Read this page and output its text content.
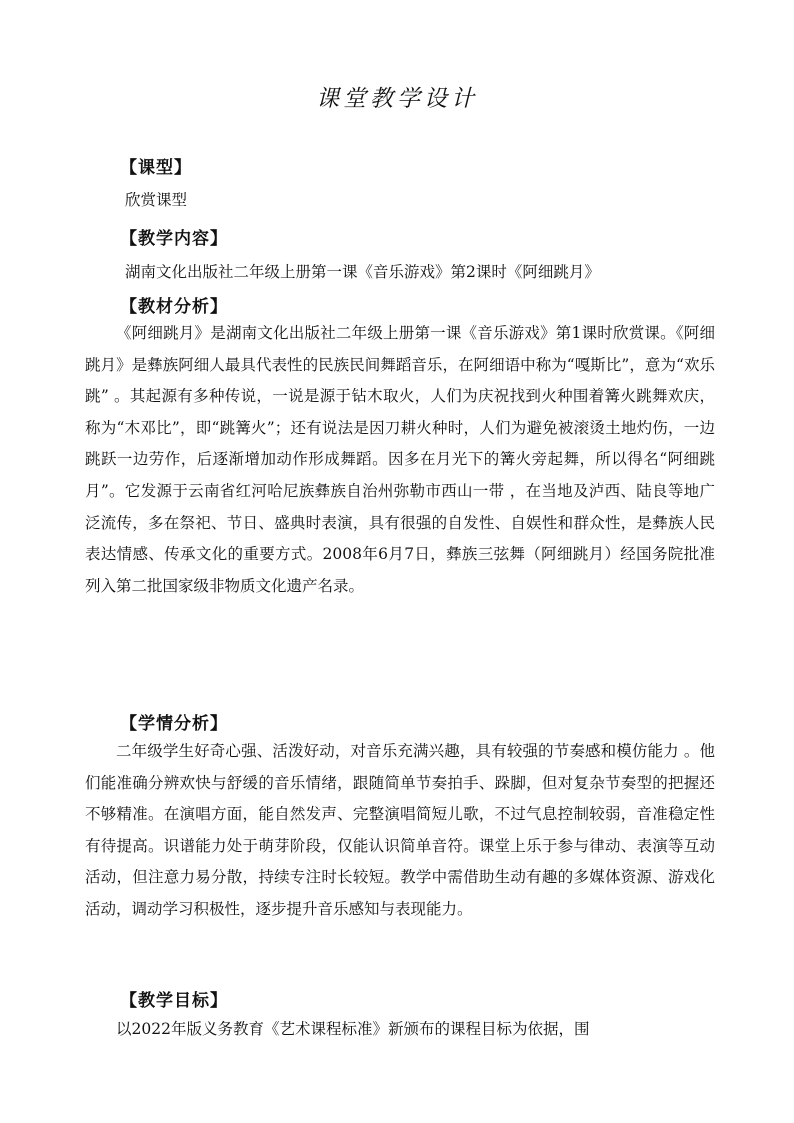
课堂教学设计
【课型】
欣赏课型
【教学内容】
湖南文化出版社二年级上册第一课《音乐游戏》第2课时《阿细跳月》
【教材分析】
《阿细跳月》是湖南文化出版社二年级上册第一课《音乐游戏》第1课时欣赏课。《阿细跳月》是彝族阿细人最具代表性的民族民间舞蹈音乐，在阿细语中称为“嘎斯比”，意为“欢乐跳” 。其起源有多种传说，一说是源于钻木取火，人们为庆祝找到火种围着篝火跳舞欢庆，称为“木邓比”，即“跳篝火”；还有说法是因刀耕火种时，人们为避免被滚烫土地灼伤，一边跳跃一边劳作，后逐渐增加动作形成舞蹈。因多在月光下的篝火旁起舞，所以得名“阿细跳月”。它发源于云南省红河哈尼族彝族自治州弥勒市西山一带 ，在当地及泸西、陆良等地广泛流传，多在祭祀、节日、盛典时表演，具有很强的自发性、自娱性和群众性，是彝族人民表达情感、传承文化的重要方式。2008年6月7日，彝族三弦舞（阿细跳月）经国务院批准列入第二批国家级非物质文化遗产名录。
【学情分析】
二年级学生好奇心强、活泼好动，对音乐充满兴趣，具有较强的节奏感和模仿能力 。他们能准确分辨欢快与舒缓的音乐情绪，跟随简单节奏拍手、跺脚，但对复杂节奏型的把握还不够精准。在演唱方面，能自然发声、完整演唱简短儿歌，不过气息控制较弱，音准稳定性有待提高。识谱能力处于萌芽阶段，仅能认识简单音符。课堂上乐于参与律动、表演等互动活动，但注意力易分散，持续专注时长较短。教学中需借助生动有趣的多媒体资源、游戏化活动，调动学习积极性，逐步提升音乐感知与表现能力。
【教学目标】
以2022年版义务教育《艺术课程标准》新颁布的课程目标为依据，围
